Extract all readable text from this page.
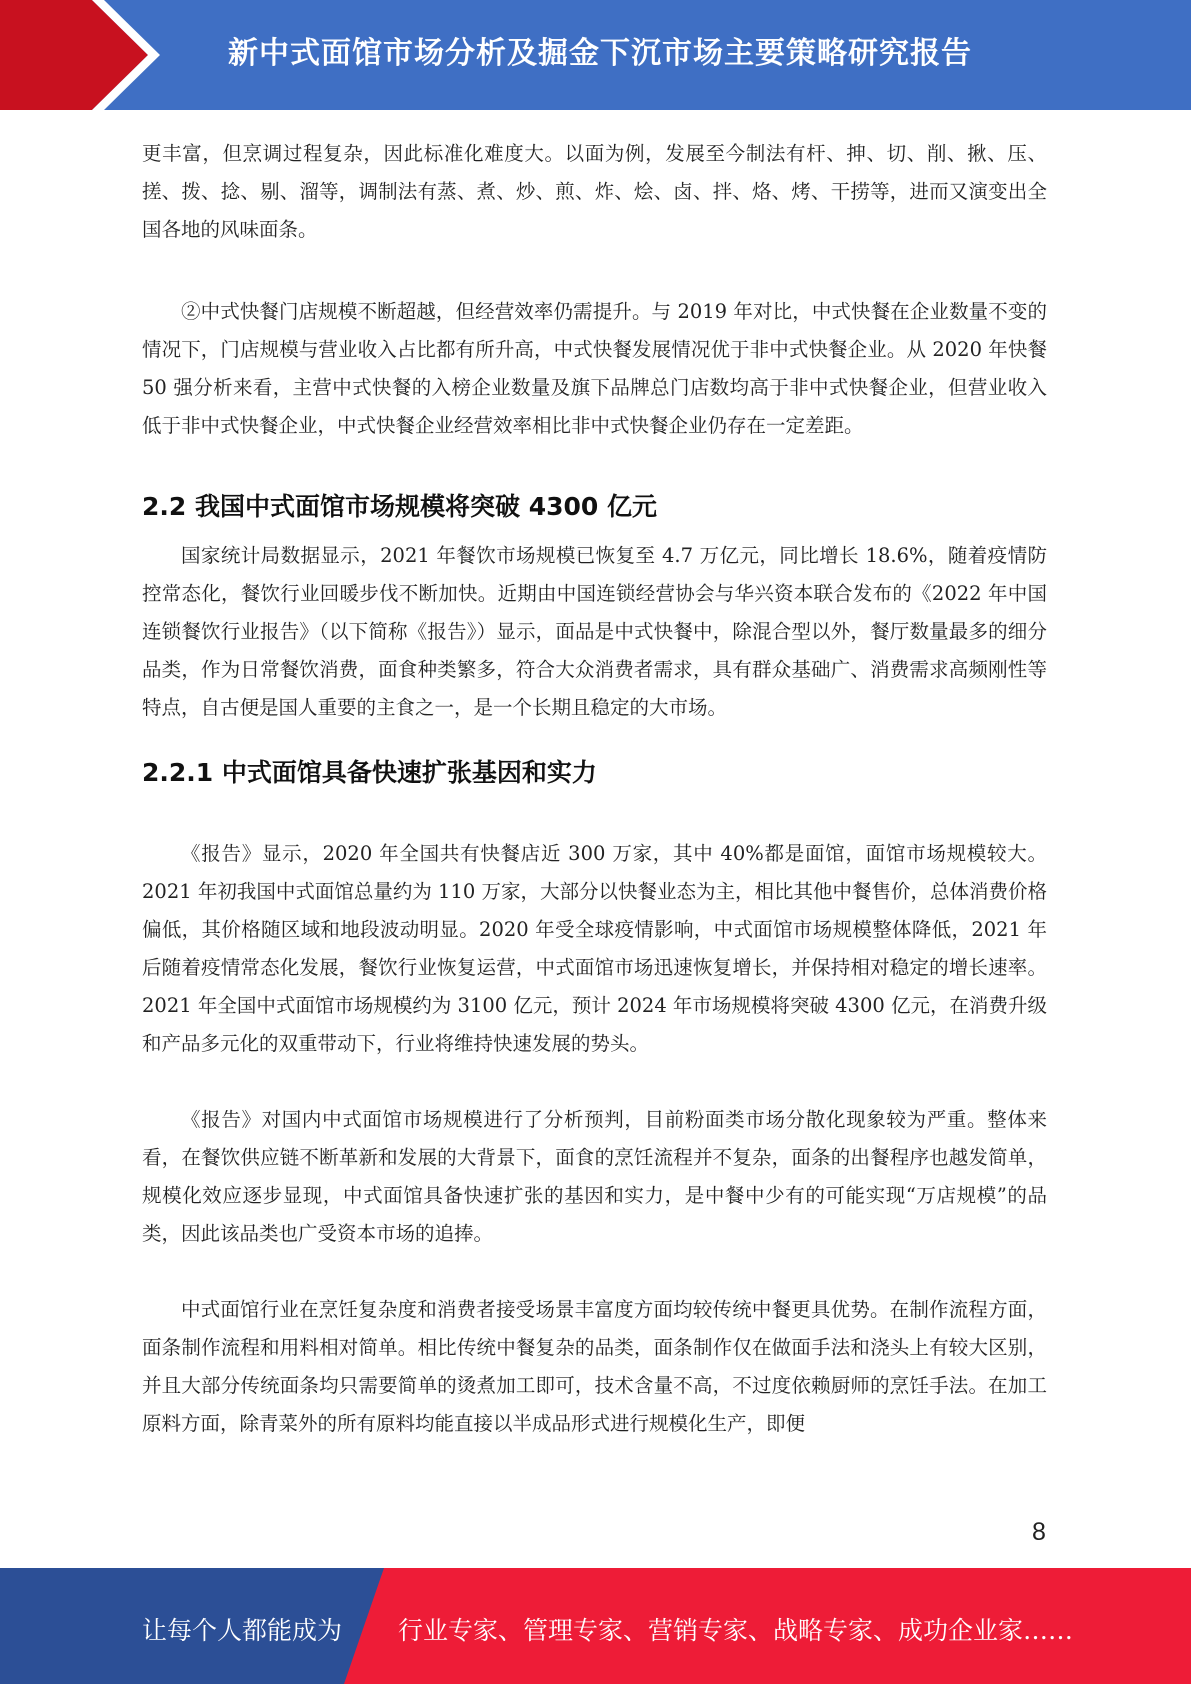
新中式面馆市场分析及掘金下沉市场主要策略研究报告

更丰富，但烹调过程复杂，因此标准化难度大。以面为例，发展至今制法有杆、抻、切、削、揪、压、搓、拨、捻、剔、溜等，调制法有蒸、煮、炒、煎、炸、烩、卤、拌、烙、烤、干捞等，进而又演变出全国各地的风味面条。

②中式快餐门店规模不断超越，但经营效率仍需提升。与 2019 年对比，中式快餐在企业数量不变的情况下，门店规模与营业收入占比都有所升高，中式快餐发展情况优于非中式快餐企业。从 2020 年快餐 50 强分析来看，主营中式快餐的入榜企业数量及旗下品牌总门店数均高于非中式快餐企业，但营业收入低于非中式快餐企业，中式快餐企业经营效率相比非中式快餐企业仍存在一定差距。

2.2 我国中式面馆市场规模将突破 4300 亿元

国家统计局数据显示，2021 年餐饮市场规模已恢复至 4.7 万亿元，同比增长 18.6%，随着疫情防控常态化，餐饮行业回暖步伐不断加快。近期由中国连锁经营协会与华兴资本联合发布的《2022 年中国连锁餐饮行业报告》（以下简称《报告》）显示，面品是中式快餐中，除混合型以外，餐厅数量最多的细分品类，作为日常餐饮消费，面食种类繁多，符合大众消费者需求，具有群众基础广、消费需求高频刚性等特点，自古便是国人重要的主食之一，是一个长期且稳定的大市场。

2.2.1 中式面馆具备快速扩张基因和实力

《报告》显示，2020 年全国共有快餐店近 300 万家，其中 40%都是面馆，面馆市场规模较大。2021 年初我国中式面馆总量约为 110 万家，大部分以快餐业态为主，相比其他中餐售价，总体消费价格偏低，其价格随区域和地段波动明显。2020 年受全球疫情影响，中式面馆市场规模整体降低，2021 年后随着疫情常态化发展，餐饮行业恢复运营，中式面馆市场迅速恢复增长，并保持相对稳定的增长速率。2021 年全国中式面馆市场规模约为 3100 亿元，预计 2024 年市场规模将突破 4300 亿元，在消费升级和产品多元化的双重带动下，行业将维持快速发展的势头。

《报告》对国内中式面馆市场规模进行了分析预判，目前粉面类市场分散化现象较为严重。整体来看，在餐饮供应链不断革新和发展的大背景下，面食的烹饪流程并不复杂，面条的出餐程序也越发简单，规模化效应逐步显现，中式面馆具备快速扩张的基因和实力，是中餐中少有的可能实现“万店规模”的品类，因此该品类也广受资本市场的追捧。

中式面馆行业在烹饪复杂度和消费者接受场景丰富度方面均较传统中餐更具优势。在制作流程方面，面条制作流程和用料相对简单。相比传统中餐复杂的品类，面条制作仅在做面手法和浇头上有较大区别，并且大部分传统面条均只需要简单的烫煮加工即可，技术含量不高，不过度依赖厨师的烹饪手法。在加工原料方面，除青菜外的所有原料均能直接以半成品形式进行规模化生产，即便

8
让每个人都能成为 行业专家、管理专家、营销专家、战略专家、成功企业家……
